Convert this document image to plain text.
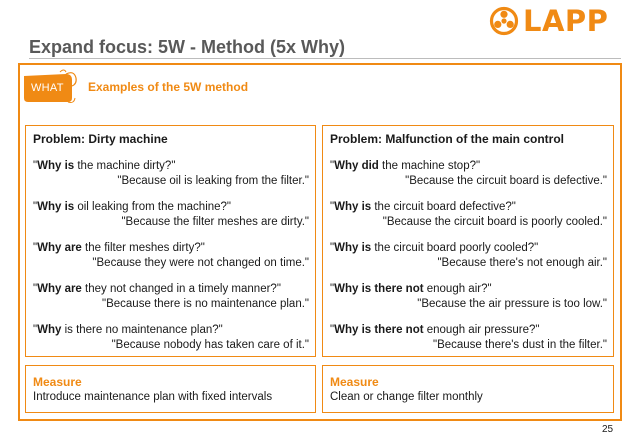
LAPP
Expand focus: 5W - Method (5x Why)
WHAT Examples of the 5W method
Problem: Dirty machine
"Why is the machine dirty?"
"Because oil is leaking from the filter."
"Why is oil leaking from the machine?"
"Because the filter meshes are dirty."
"Why are the filter meshes dirty?"
"Because they were not changed on time."
"Why are they not changed in a timely manner?"
"Because there is no maintenance plan."
"Why is there no maintenance plan?"
"Because nobody has taken care of it."
Problem: Malfunction of the main control
"Why did the machine stop?"
"Because the circuit board is defective."
"Why is the circuit board defective?"
"Because the circuit board is poorly cooled."
"Why is the circuit board poorly cooled?"
"Because there's not enough air."
"Why is there not enough air?"
"Because the air pressure is too low."
"Why is there not enough air pressure?"
"Because there's dust in the filter."
Measure
Introduce maintenance plan with fixed intervals
Measure
Clean or change filter monthly
25
